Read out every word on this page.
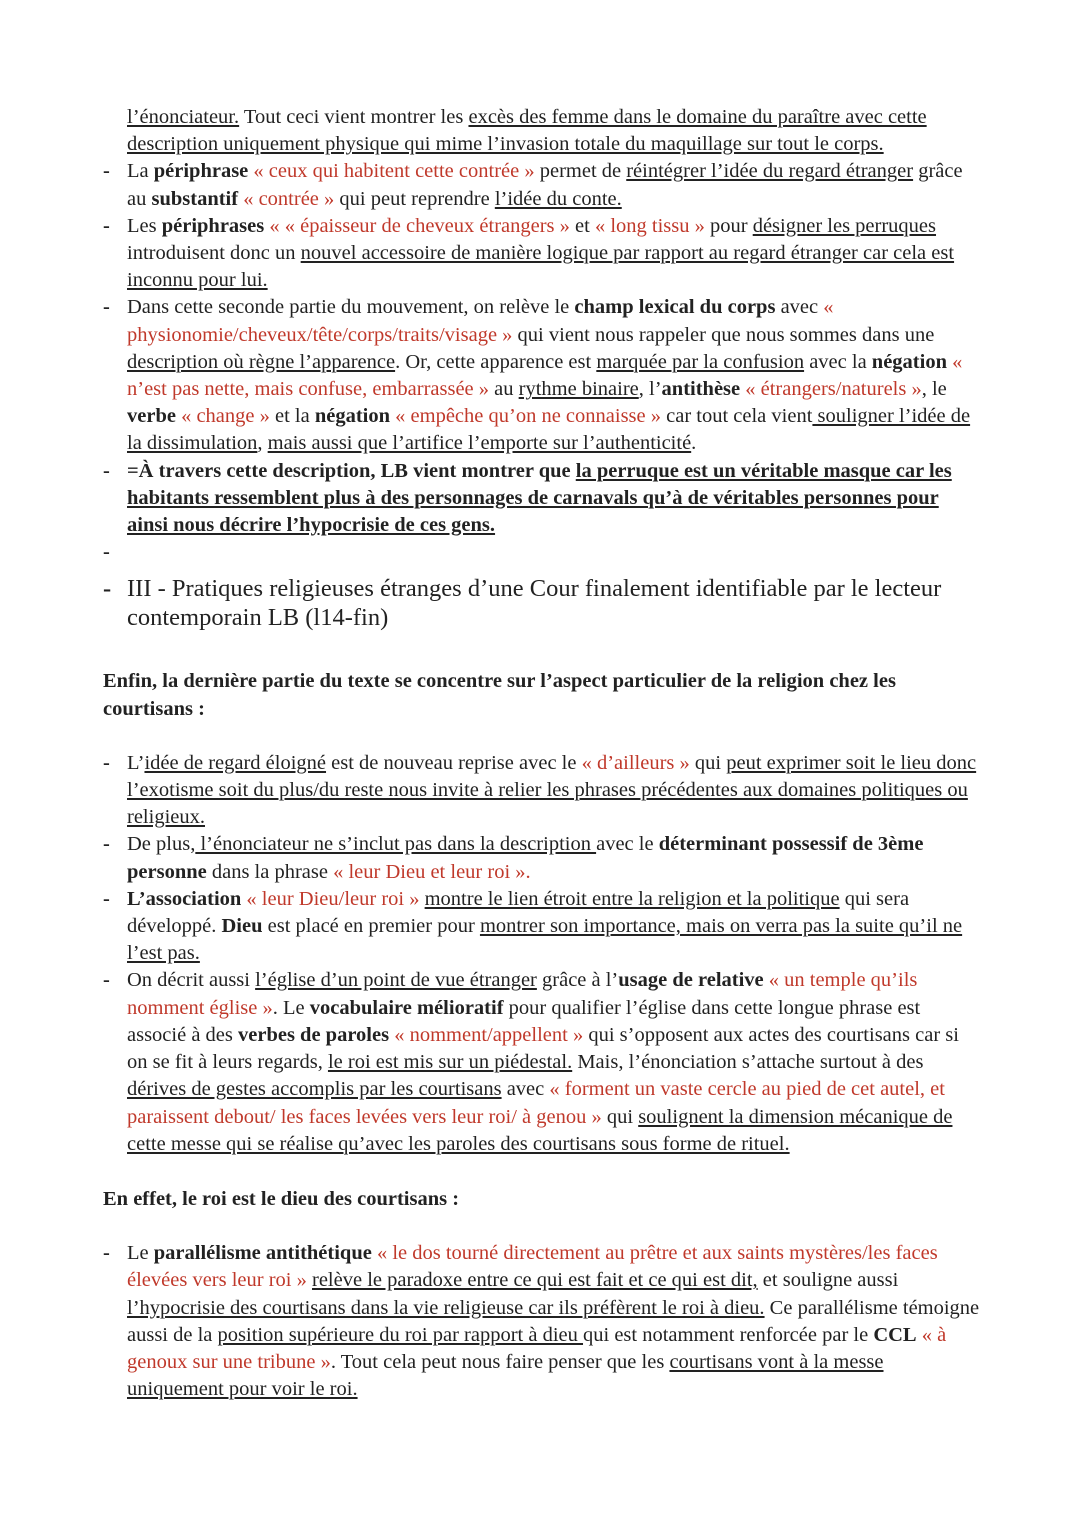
l’énonciateur. Tout ceci vient montrer les excès des femme dans le domaine du paraître avec cette description uniquement physique qui mime l’invasion totale du maquillage sur tout le corps.
- La périphrase « ceux qui habitent cette contrée » permet de réintégrer l’idée du regard étranger grâce au substantif « contrée » qui peut reprendre l’idée du conte.
- Les périphrases « « épaisseur de cheveux étrangers » et « long tissu » pour désigner les perruques introduisent donc un nouvel accessoire de manière logique par rapport au regard étranger car cela est inconnu pour lui.
- Dans cette seconde partie du mouvement, on relève le champ lexical du corps avec « physionomie/cheveux/tête/corps/traits/visage » qui vient nous rappeler que nous sommes dans une description où règne l’apparence. Or, cette apparence est marquée par la confusion avec la négation « n’est pas nette, mais confuse, embarrassée » au rythme binaire, l’antithèse « étrangers/naturels », le verbe « change » et la négation « empêche qu’on ne connaisse » car tout cela vient souligner l’idée de la dissimulation, mais aussi que l’artifice l’emporte sur l’authenticité.
- =À travers cette description, LB vient montrer que la perruque est un véritable masque car les habitants ressemblent plus à des personnages de carnavals qu’à de véritables personnes pour ainsi nous décrire l’hypocrisie de ces gens.
-
- III - Pratiques religieuses étranges d’une Cour finalement identifiable par le lecteur contemporain LB (l14-fin)

Enfin, la dernière partie du texte se concentre sur l’aspect particulier de la religion chez les courtisans :

- L’idée de regard éloigné est de nouveau reprise avec le « d’ailleurs » qui peut exprimer soit le lieu donc l’exotisme soit du plus/du reste nous invite à relier les phrases précédentes aux domaines politiques ou religieux.
- De plus, l’énonciateur ne s’inclut pas dans la description avec le déterminant possessif de 3ème personne dans la phrase « leur Dieu et leur roi ».
- L’association « leur Dieu/leur roi » montre le lien étroit entre la religion et la politique qui sera développé. Dieu est placé en premier pour montrer son importance, mais on verra pas la suite qu’il ne l’est pas.
- On décrit aussi l’église d’un point de vue étranger grâce à l’usage de relative « un temple qu’ils nomment église ». Le vocabulaire mélioratif pour qualifier l’église dans cette longue phrase est associé à des verbes de paroles « nomment/appellent » qui s’opposent aux actes des courtisans car si on se fit à leurs regards, le roi est mis sur un piédestal. Mais, l’énonciation s’attache surtout à des dérives de gestes accomplis par les courtisans avec « forment un vaste cercle au pied de cet autel, et paraissent debout/ les faces levées vers leur roi/ à genou » qui soulignent la dimension mécanique de cette messe qui se réalise qu’avec les paroles des courtisans sous forme de rituel.

En effet, le roi est le dieu des courtisans :

- Le parallélisme antithétique « le dos tourné directement au prêtre et aux saints mystères/les faces élevées vers leur roi » relève le paradoxe entre ce qui est fait et ce qui est dit, et souligne aussi l’hypocrisie des courtisans dans la vie religieuse car ils préfèrent le roi à dieu. Ce parallélisme témoigne aussi de la position supérieure du roi par rapport à dieu qui est notamment renforcée par le CCL « à genoux sur une tribune ». Tout cela peut nous faire penser que les courtisans vont à la messe uniquement pour voir le roi.
